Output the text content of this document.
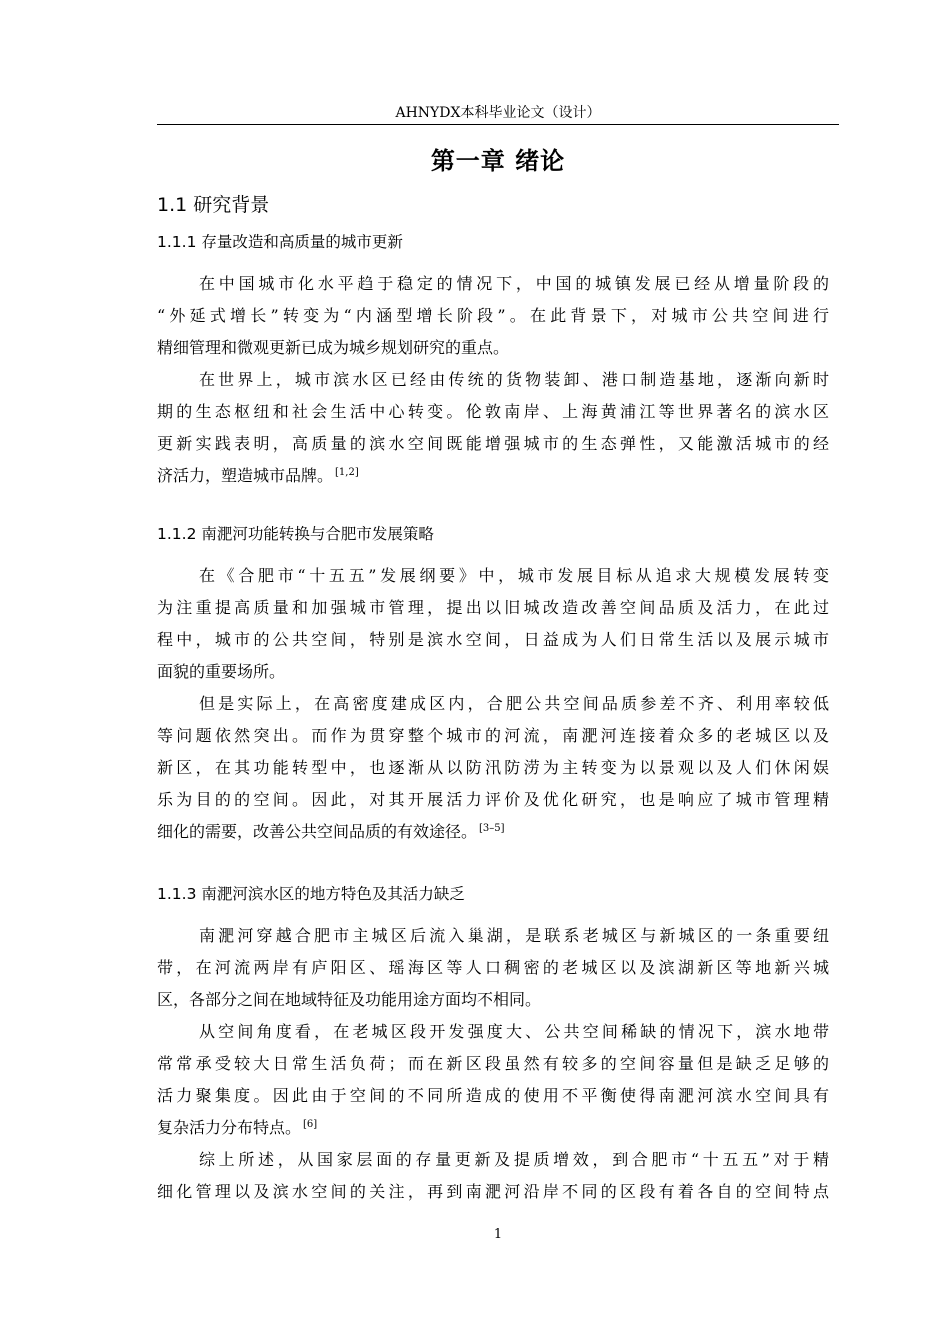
AHNYDX本科毕业论文（设计）
第一章 绪论
1.1 研究背景
1.1.1 存量改造和高质量的城市更新
在中国城市化水平趋于稳定的情况下，中国的城镇发展已经从增量阶段的
“外延式增长”转变为“内涵型增长阶段”。在此背景下，对城市公共空间进行
精细管理和微观更新已成为城乡规划研究的重点。
在世界上，城市滨水区已经由传统的货物装卸、港口制造基地，逐渐向新时
期的生态枢纽和社会生活中心转变。伦敦南岸、上海黄浦江等世界著名的滨水区
更新实践表明，高质量的滨水空间既能增强城市的生态弹性，又能激活城市的经
济活力，塑造城市品牌。 [1,2]
1.1.2 南淝河功能转换与合肥市发展策略
在《合肥市“十五五”发展纲要》中，城市发展目标从追求大规模发展转变
为注重提高质量和加强城市管理，提出以旧城改造改善空间品质及活力，在此过
程中，城市的公共空间，特别是滨水空间，日益成为人们日常生活以及展示城市
面貌的重要场所。
但是实际上，在高密度建成区内，合肥公共空间品质参差不齐、利用率较低
等问题依然突出。而作为贯穿整个城市的河流，南淝河连接着众多的老城区以及
新区，在其功能转型中，也逐渐从以防汛防涝为主转变为以景观以及人们休闲娱
乐为目的的空间。因此，对其开展活力评价及优化研究，也是响应了城市管理精
细化的需要，改善公共空间品质的有效途径。 [3–5]
1.1.3 南淝河滨水区的地方特色及其活力缺乏
南淝河穿越合肥市主城区后流入巢湖，是联系老城区与新城区的一条重要纽
带，在河流两岸有庐阳区、瑶海区等人口稠密的老城区以及滨湖新区等地新兴城
区，各部分之间在地域特征及功能用途方面均不相同。
从空间角度看，在老城区段开发强度大、公共空间稀缺的情况下，滨水地带
常常承受较大日常生活负荷；而在新区段虽然有较多的空间容量但是缺乏足够的
活力聚集度。因此由于空间的不同所造成的使用不平衡使得南淝河滨水空间具有
复杂活力分布特点。 [6]
综上所述，从国家层面的存量更新及提质增效，到合肥市“十五五”对于精
细化管理以及滨水空间的关注，再到南淝河沿岸不同的区段有着各自的空间特点
1
